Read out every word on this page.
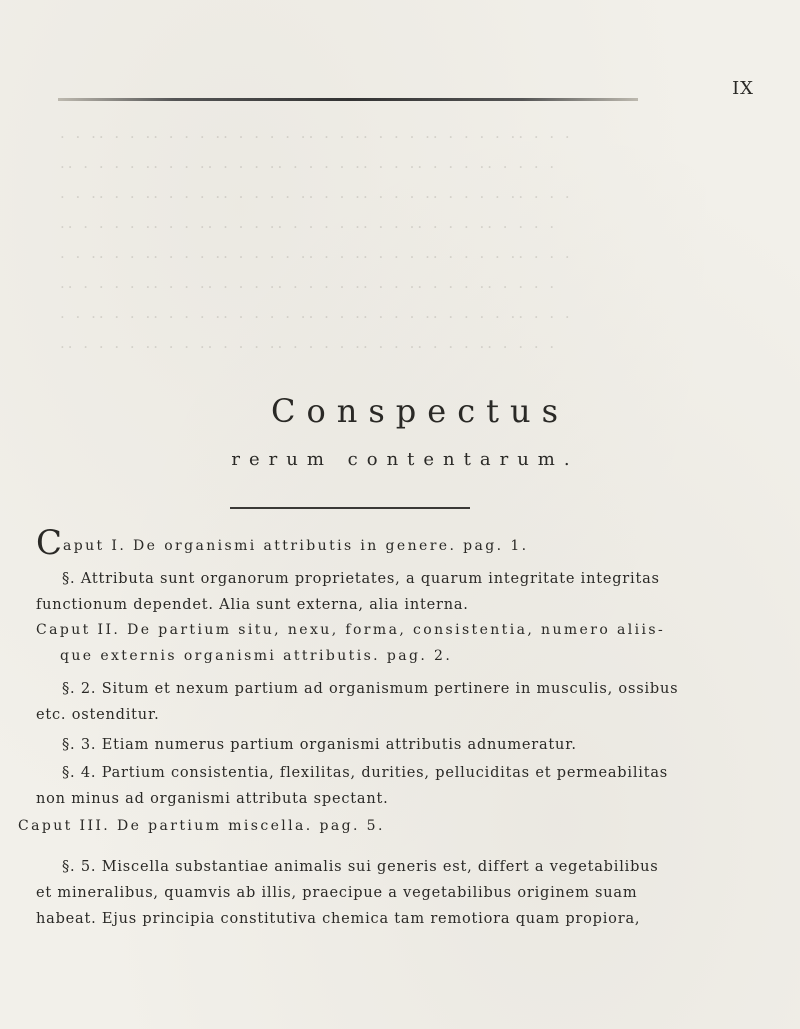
IX
· · ·· · · ·· · · · ·· · · · · ·· · · ·· · · · ·· · · · · ·· · · ·
·· · · · · ·· · · ·· · · · ·· · · · · ·· · · ·· · · · ·· · · · ·
· · ·· · · ·· · · · ·· · · · · ·· · · ·· · · · ·· · · · · ·· · · ·
·· · · · · ·· · · ·· · · · ·· · · · · ·· · · ·· · · · ·· · · · ·
· · ·· · · ·· · · · ·· · · · · ·· · · ·· · · · ·· · · · · ·· · · ·
·· · · · · ·· · · ·· · · · ·· · · · · ·· · · ·· · · · ·· · · · ·
· · ·· · · ·· · · · ·· · · · · ·· · · ·· · · · ·· · · · · ·· · · ·
·· · · · · ·· · · ·· · · · ·· · · · · ·· · · ·· · · · ·· · · · ·
Conspectus
rerum contentarum.
Caput I. De organismi attributis in genere. pag. 1.
§. Attributa sunt organorum proprietates, a quarum integritate integritas
functionum dependet. Alia sunt externa, alia interna.
Caput II. De partium situ, nexu, forma, consistentia, numero aliis-
que externis organismi attributis. pag. 2.
§. 2. Situm et nexum partium ad organismum pertinere in musculis, ossibus
etc. ostenditur.
§. 3. Etiam numerus partium organismi attributis adnumeratur.
§. 4. Partium consistentia, flexilitas, durities, pelluciditas et permeabilitas
non minus ad organismi attributa spectant.
Caput III. De partium miscella. pag. 5.
§. 5. Miscella substantiae animalis sui generis est, differt a vegetabilibus
et mineralibus, quamvis ab illis, praecipue a vegetabilibus originem suam
habeat. Ejus principia constitutiva chemica tam remotiora quam propiora,
